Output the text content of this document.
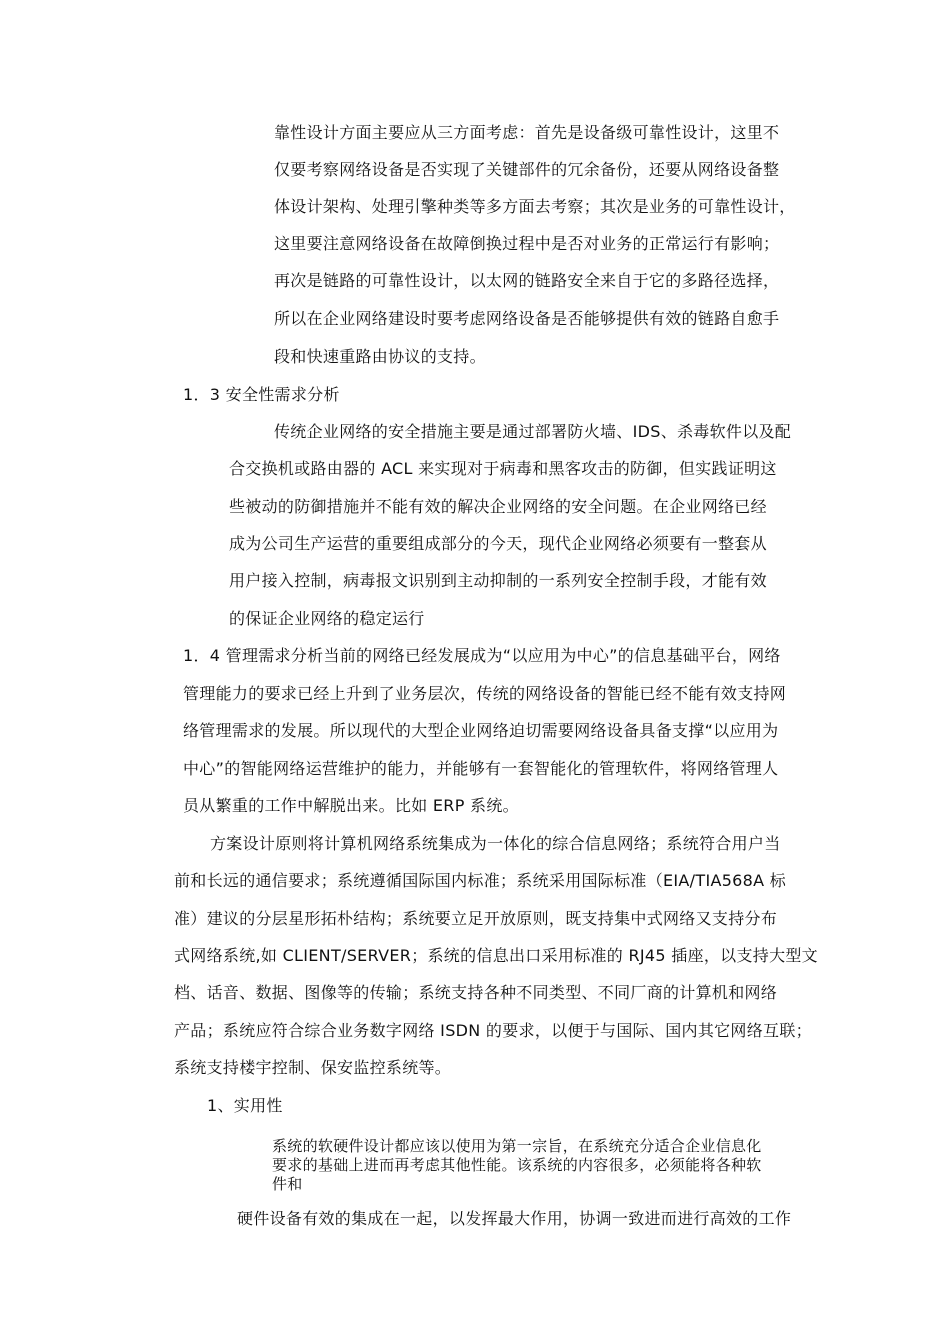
靠性设计方面主要应从三方面考虑：首先是设备级可靠性设计，这里不
仅要考察网络设备是否实现了关键部件的冗余备份，还要从网络设备整
体设计架构、处理引擎种类等多方面去考察；其次是业务的可靠性设计，
这里要注意网络设备在故障倒换过程中是否对业务的正常运行有影响；
再次是链路的可靠性设计，以太网的链路安全来自于它的多路径选择，
所以在企业网络建设时要考虑网络设备是否能够提供有效的链路自愈手
段和快速重路由协议的支持。
1．3 安全性需求分析
传统企业网络的安全措施主要是通过部署防火墙、IDS、杀毒软件以及配
合交换机或路由器的 ACL 来实现对于病毒和黑客攻击的防御，但实践证明这
些被动的防御措施并不能有效的解决企业网络的安全问题。在企业网络已经
成为公司生产运营的重要组成部分的今天，现代企业网络必须要有一整套从
用户接入控制，病毒报文识别到主动抑制的一系列安全控制手段，才能有效
的保证企业网络的稳定运行
1．4 管理需求分析当前的网络已经发展成为“以应用为中心”的信息基础平台，网络
管理能力的要求已经上升到了业务层次，传统的网络设备的智能已经不能有效支持网
络管理需求的发展。所以现代的大型企业网络迫切需要网络设备具备支撑“以应用为
中心”的智能网络运营维护的能力，并能够有一套智能化的管理软件，将网络管理人
员从繁重的工作中解脱出来。比如 ERP 系统。
方案设计原则将计算机网络系统集成为一体化的综合信息网络；系统符合用户当
前和长远的通信要求；系统遵循国际国内标准；系统采用国际标准（EIA/TIA568A 标
准）建议的分层星形拓朴结构；系统要立足开放原则，既支持集中式网络又支持分布
式网络系统,如 CLIENT/SERVER；系统的信息出口采用标准的 RJ45 插座，以支持大型文
档、话音、数据、图像等的传输；系统支持各种不同类型、不同厂商的计算机和网络
产品；系统应符合综合业务数字网络 ISDN 的要求，以便于与国际、国内其它网络互联；
系统支持楼宇控制、保安监控系统等。
1、实用性
系统的软硬件设计都应该以使用为第一宗旨，在系统充分适合企业信息化
要求的基础上进而再考虑其他性能。该系统的内容很多，必须能将各种软
件和
硬件设备有效的集成在一起，以发挥最大作用，协调一致进而进行高效的工作
